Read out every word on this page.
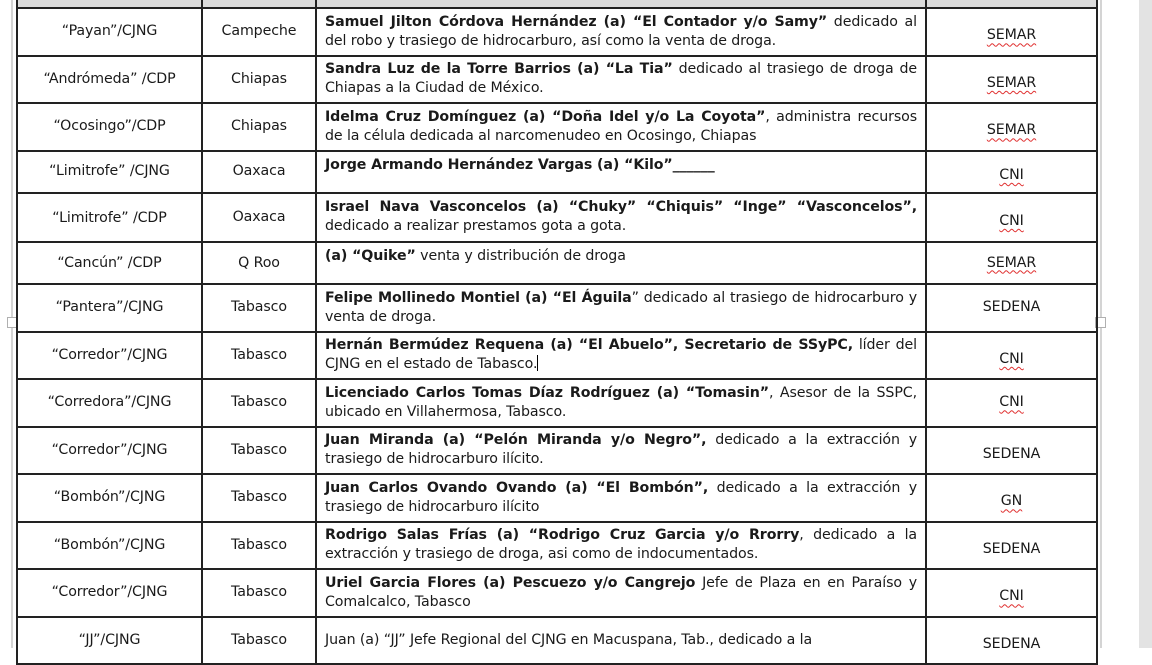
“Payan”/CJNG	Campeche	Samuel Jilton Córdova Hernández (a) “El Contador y/o Samy” dedicado al del robo y trasiego de hidrocarburo, así como la venta de droga.	SEMAR
“Andrómeda” /CDP	Chiapas	Sandra Luz de la Torre Barrios (a) “La Tia” dedicado al trasiego de droga de Chiapas a la Ciudad de México.	SEMAR
“Ocosingo”/CDP	Chiapas	Idelma Cruz Domínguez (a) “Doña Idel y/o La Coyota”, administra recursos de la célula dedicada al narcomenudeo en Ocosingo, Chiapas	SEMAR
“Limitrofe” /CJNG	Oaxaca	Jorge Armando Hernández Vargas (a) “Kilo”______	CNI
“Limitrofe” /CDP	Oaxaca	Israel Nava Vasconcelos (a) “Chuky” “Chiquis” “Inge” “Vasconcelos”, dedicado a realizar prestamos gota a gota.	CNI
“Cancún” /CDP	Q Roo	(a) “Quike” venta y distribución de droga	SEMAR
“Pantera”/CJNG	Tabasco	Felipe Mollinedo Montiel (a) “El Águila” dedicado al trasiego de hidrocarburo y venta de droga.	SEDENA
“Corredor”/CJNG	Tabasco	Hernán Bermúdez Requena (a) “El Abuelo”, Secretario de SSyPC, líder del CJNG en el estado de Tabasco.	CNI
“Corredora”/CJNG	Tabasco	Licenciado Carlos Tomas Díaz Rodríguez (a) “Tomasin”, Asesor de la SSPC, ubicado en Villahermosa, Tabasco.	CNI
“Corredor”/CJNG	Tabasco	Juan Miranda (a) “Pelón Miranda y/o Negro”, dedicado a la extracción y trasiego de hidrocarburo ilícito.	SEDENA
“Bombón”/CJNG	Tabasco	Juan Carlos Ovando Ovando (a) “El Bombón”, dedicado a la extracción y trasiego de hidrocarburo ilícito	GN
“Bombón”/CJNG	Tabasco	Rodrigo Salas Frías (a) “Rodrigo Cruz Garcia y/o Rrorry, dedicado a la extracción y trasiego de droga, asi como de indocumentados.	SEDENA
“Corredor”/CJNG	Tabasco	Uriel Garcia Flores (a) Pescuezo y/o Cangrejo Jefe de Plaza en en Paraíso y Comalcalco, Tabasco	CNI
“JJ”/CJNG	Tabasco	Juan (a) “JJ” Jefe Regional del CJNG en Macuspana, Tab., dedicado a la	SEDENA
